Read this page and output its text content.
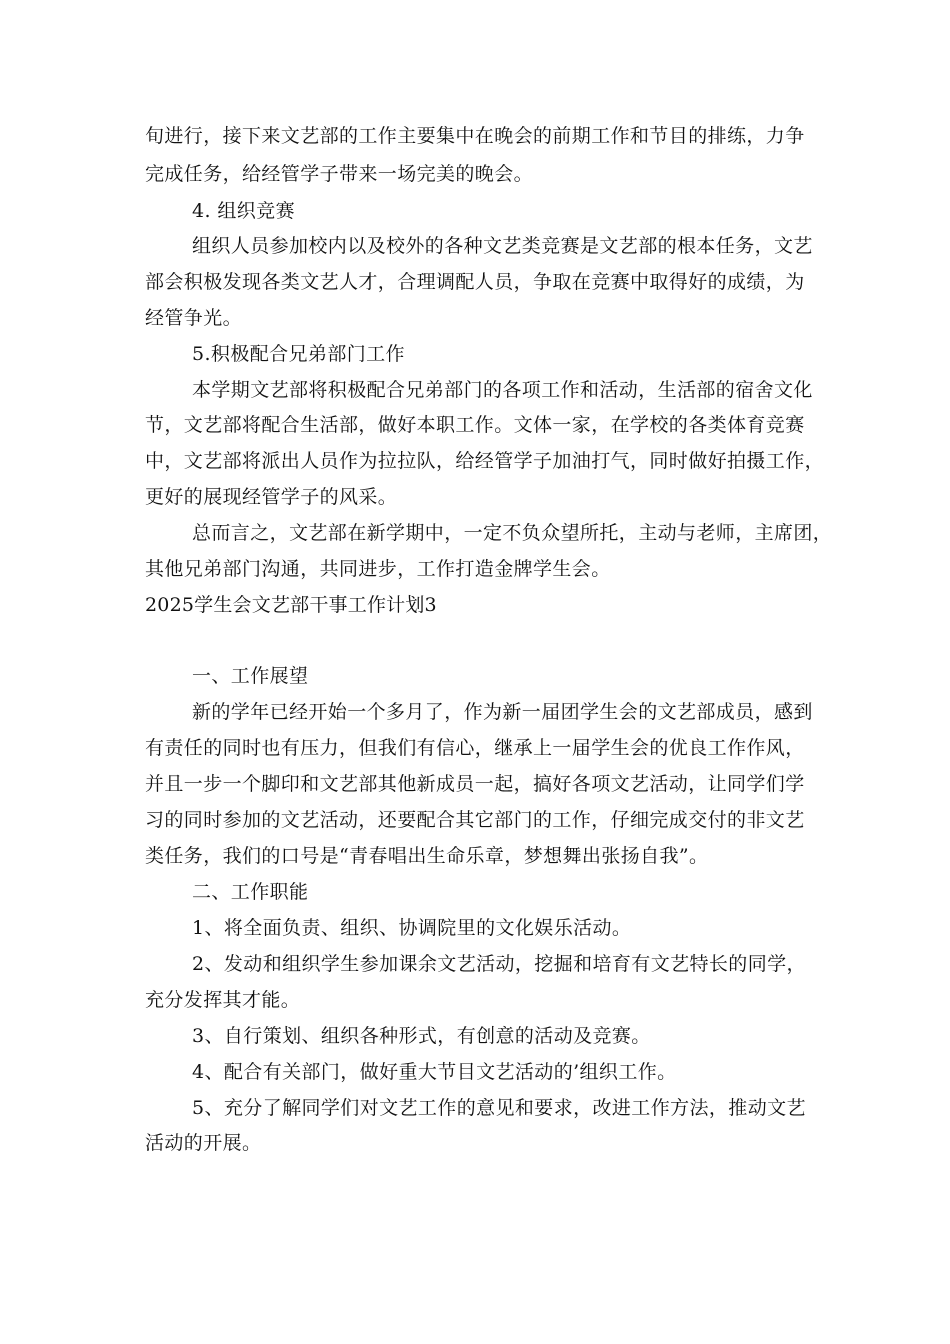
旬进行，接下来文艺部的工作主要集中在晚会的前期工作和节目的排练，力争
完成任务，给经管学子带来一场完美的晚会。
4. 组织竞赛
组织人员参加校内以及校外的各种文艺类竞赛是文艺部的根本任务，文艺
部会积极发现各类文艺人才，合理调配人员，争取在竞赛中取得好的成绩，为
经管争光。
5.积极配合兄弟部门工作
本学期文艺部将积极配合兄弟部门的各项工作和活动，生活部的宿舍文化
节，文艺部将配合生活部，做好本职工作。文体一家，在学校的各类体育竞赛
中，文艺部将派出人员作为拉拉队，给经管学子加油打气，同时做好拍摄工作，
更好的展现经管学子的风采。
总而言之，文艺部在新学期中，一定不负众望所托，主动与老师，主席团，
其他兄弟部门沟通，共同进步，工作打造金牌学生会。
2025学生会文艺部干事工作计划3
一、工作展望
新的学年已经开始一个多月了，作为新一届团学生会的文艺部成员，感到
有责任的同时也有压力，但我们有信心，继承上一届学生会的优良工作作风，
并且一步一个脚印和文艺部其他新成员一起，搞好各项文艺活动，让同学们学
习的同时参加的文艺活动，还要配合其它部门的工作，仔细完成交付的非文艺
类任务，我们的口号是“青春唱出生命乐章，梦想舞出张扬自我”。
二、工作职能
1、将全面负责、组织、协调院里的文化娱乐活动。
2、发动和组织学生参加课余文艺活动，挖掘和培育有文艺特长的同学，
充分发挥其才能。
3、自行策划、组织各种形式，有创意的活动及竞赛。
4、配合有关部门，做好重大节目文艺活动的’组织工作。
5、充分了解同学们对文艺工作的意见和要求，改进工作方法，推动文艺
活动的开展。
